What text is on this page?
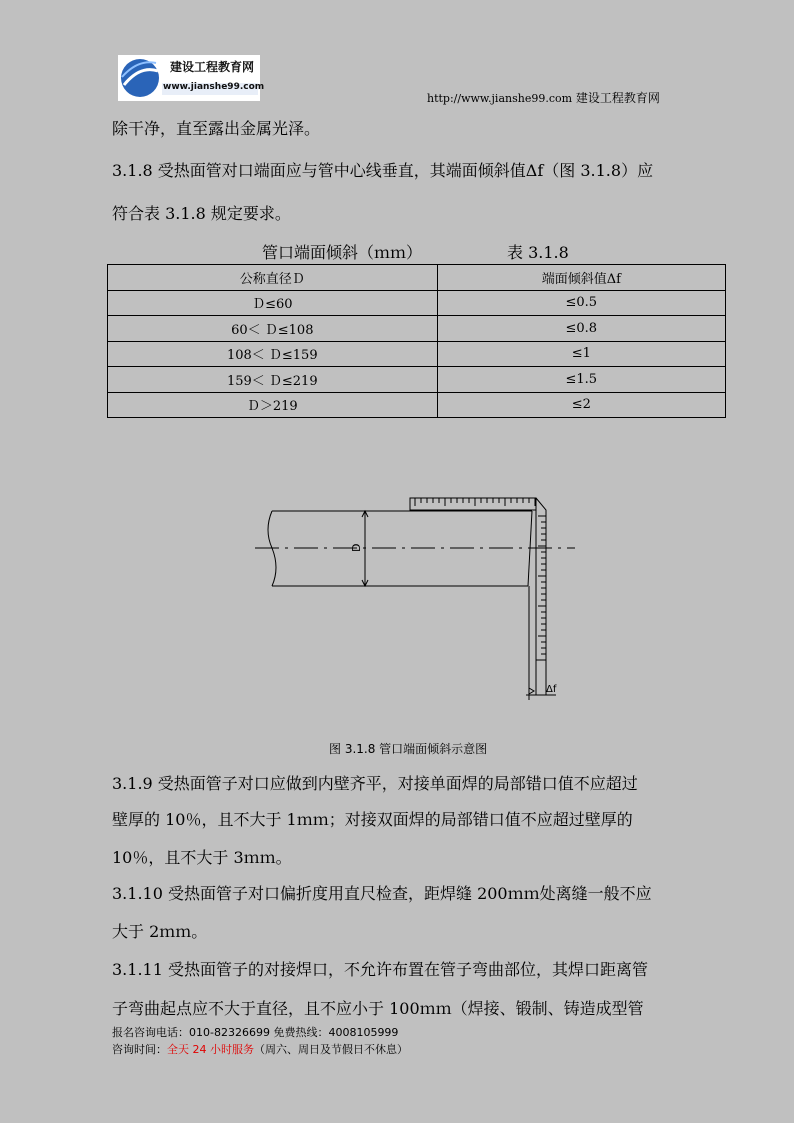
建设工程教育网
www.jianshe99.com
http://www.jianshe99.com 建设工程教育网
除干净，直至露出金属光泽。
3.1.8 受热面管对口端面应与管中心线垂直，其端面倾斜值Δf（图 3.1.8）应
符合表 3.1.8 规定要求。
管口端面倾斜（ｍｍ）	表 3.1.8
公称直径Ｄ	端面倾斜值Δf
Ｄ≤60	≤0.5
60＜ Ｄ≤108	≤0.8
108＜ Ｄ≤159	≤1
159＜ Ｄ≤219	≤1.5
Ｄ＞219	≤2
D
Δf
图 3.1.8 管口端面倾斜示意图
3.1.9 受热面管子对口应做到内壁齐平，对接单面焊的局部错口值不应超过
壁厚的 10％，且不大于 1ｍｍ；对接双面焊的局部错口值不应超过壁厚的
10％，且不大于 3ｍｍ。
3.1.10 受热面管子对口偏折度用直尺检查，距焊缝 200ｍｍ处离缝一般不应
大于 2ｍｍ。
3.1.11 受热面管子的对接焊口，不允许布置在管子弯曲部位，其焊口距离管
子弯曲起点应不大于直径，且不应小于 100ｍｍ（焊接、锻制、铸造成型管
报名咨询电话：010-82326699 免费热线：4008105999
咨询时间：全天 24 小时服务（周六、周日及节假日不休息）
